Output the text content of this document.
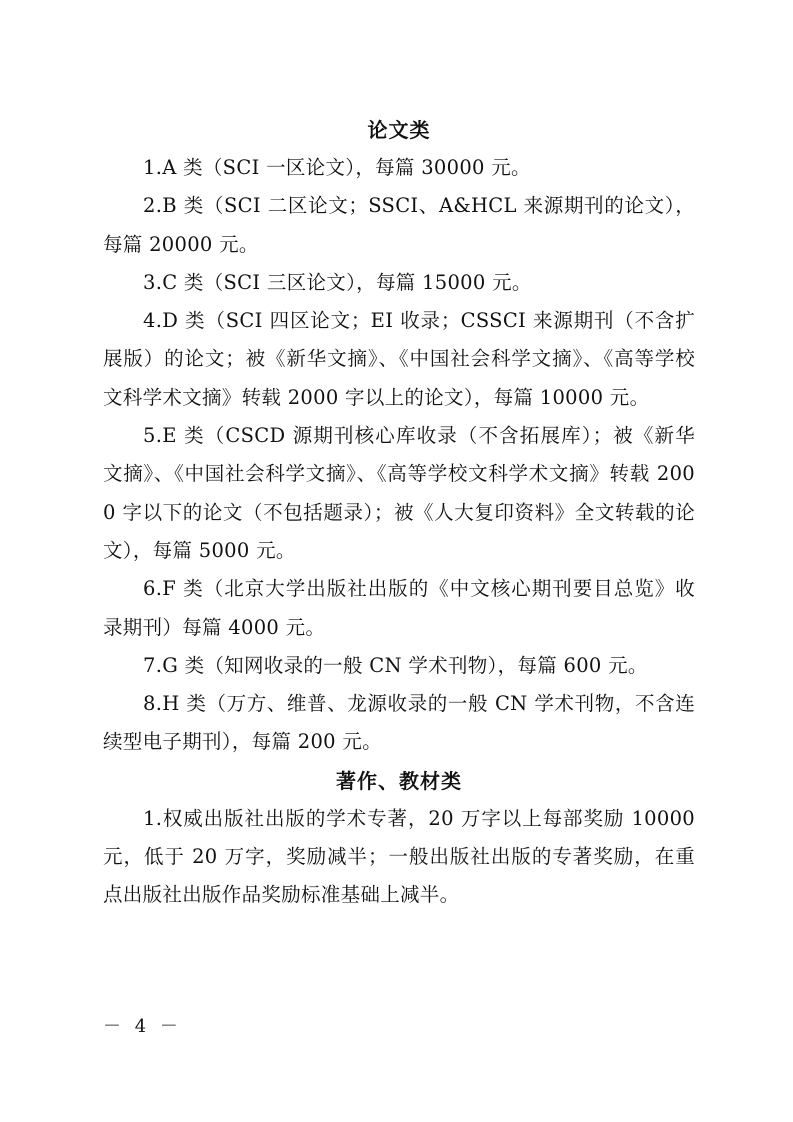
论文类

1.A 类（SCI 一区论文），每篇 30000 元。

2.B 类（SCI 二区论文；SSCI、A&HCL 来源期刊的论文），每篇 20000 元。

3.C 类（SCI 三区论文），每篇 15000 元。

4.D 类（SCI 四区论文；EI 收录；CSSCI 来源期刊（不含扩展版）的论文；被《新华文摘》、《中国社会科学文摘》、《高等学校文科学术文摘》转载 2000 字以上的论文），每篇 10000 元。

5.E 类（CSCD 源期刊核心库收录（不含拓展库）；被《新华文摘》、《中国社会科学文摘》、《高等学校文科学术文摘》转载 2000 字以下的论文（不包括题录）；被《人大复印资料》全文转载的论文），每篇 5000 元。

6.F 类（北京大学出版社出版的《中文核心期刊要目总览》收录期刊）每篇 4000 元。

7.G 类（知网收录的一般 CN 学术刊物），每篇 600 元。

8.H 类（万方、维普、龙源收录的一般 CN 学术刊物，不含连续型电子期刊），每篇 200 元。

著作、教材类

1.权威出版社出版的学术专著，20 万字以上每部奖励 10000 元，低于 20 万字，奖励减半；一般出版社出版的专著奖励，在重点出版社出版作品奖励标准基础上减半。

－ 4 －
